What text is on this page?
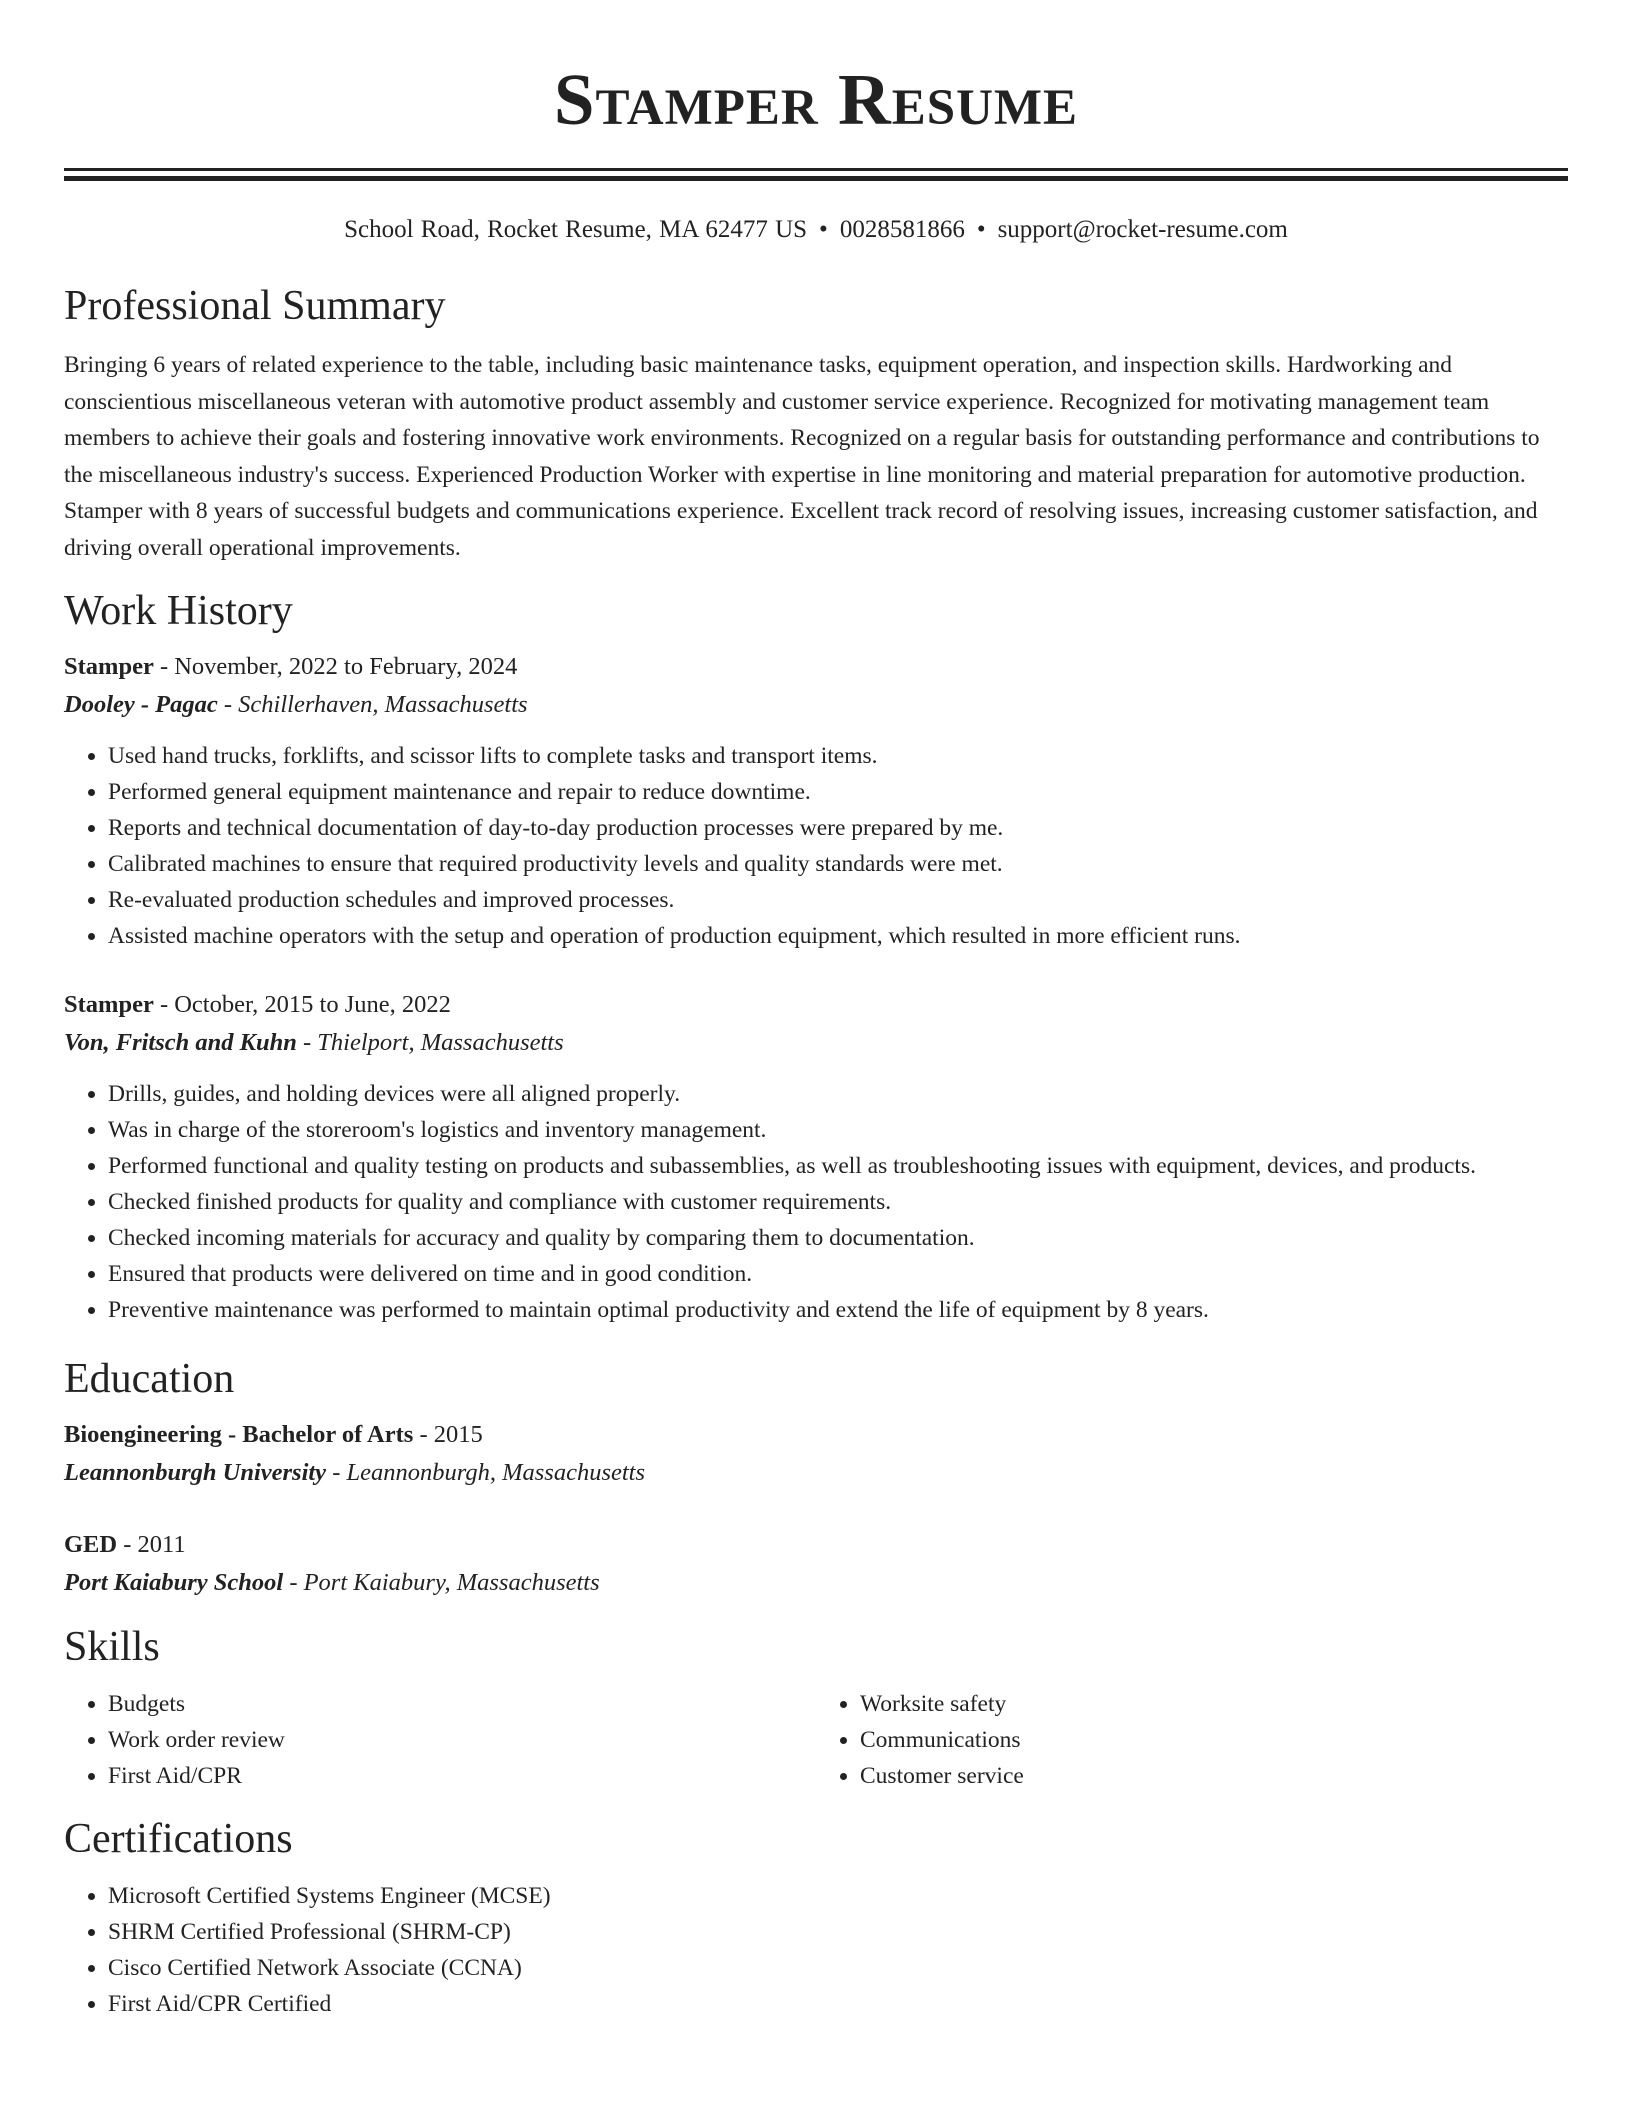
Stamper Resume
School Road, Rocket Resume, MA 62477 US • 0028581866 • support@rocket-resume.com
Professional Summary

Bringing 6 years of related experience to the table, including basic maintenance tasks, equipment operation, and inspection skills. Hardworking and conscientious miscellaneous veteran with automotive product assembly and customer service experience. Recognized for motivating management team members to achieve their goals and fostering innovative work environments. Recognized on a regular basis for outstanding performance and contributions to the miscellaneous industry's success. Experienced Production Worker with expertise in line monitoring and material preparation for automotive production. Stamper with 8 years of successful budgets and communications experience. Excellent track record of resolving issues, increasing customer satisfaction, and driving overall operational improvements.

Work History

Stamper - November, 2022 to February, 2024

Dooley - Pagac - Schillerhaven, Massachusetts

• Used hand trucks, forklifts, and scissor lifts to complete tasks and transport items.
• Performed general equipment maintenance and repair to reduce downtime.
• Reports and technical documentation of day-to-day production processes were prepared by me.
• Calibrated machines to ensure that required productivity levels and quality standards were met.
• Re-evaluated production schedules and improved processes.
• Assisted machine operators with the setup and operation of production equipment, which resulted in more efficient runs.

Stamper - October, 2015 to June, 2022

Von, Fritsch and Kuhn - Thielport, Massachusetts

• Drills, guides, and holding devices were all aligned properly.
• Was in charge of the storeroom's logistics and inventory management.
• Performed functional and quality testing on products and subassemblies, as well as troubleshooting issues with equipment, devices, and products.
• Checked finished products for quality and compliance with customer requirements.
• Checked incoming materials for accuracy and quality by comparing them to documentation.
• Ensured that products were delivered on time and in good condition.
• Preventive maintenance was performed to maintain optimal productivity and extend the life of equipment by 8 years.
Education

Bioengineering - Bachelor of Arts - 2015

Leannonburgh University - Leannonburgh, Massachusetts

GED - 2011

Port Kaiabury School - Port Kaiabury, Massachusetts

Skills
• Budgets
• Work order review
• First Aid/CPR
• Worksite safety
• Communications
• Customer service
Certifications
• Microsoft Certified Systems Engineer (MCSE)
• SHRM Certified Professional (SHRM-CP)
• Cisco Certified Network Associate (CCNA)
• First Aid/CPR Certified
